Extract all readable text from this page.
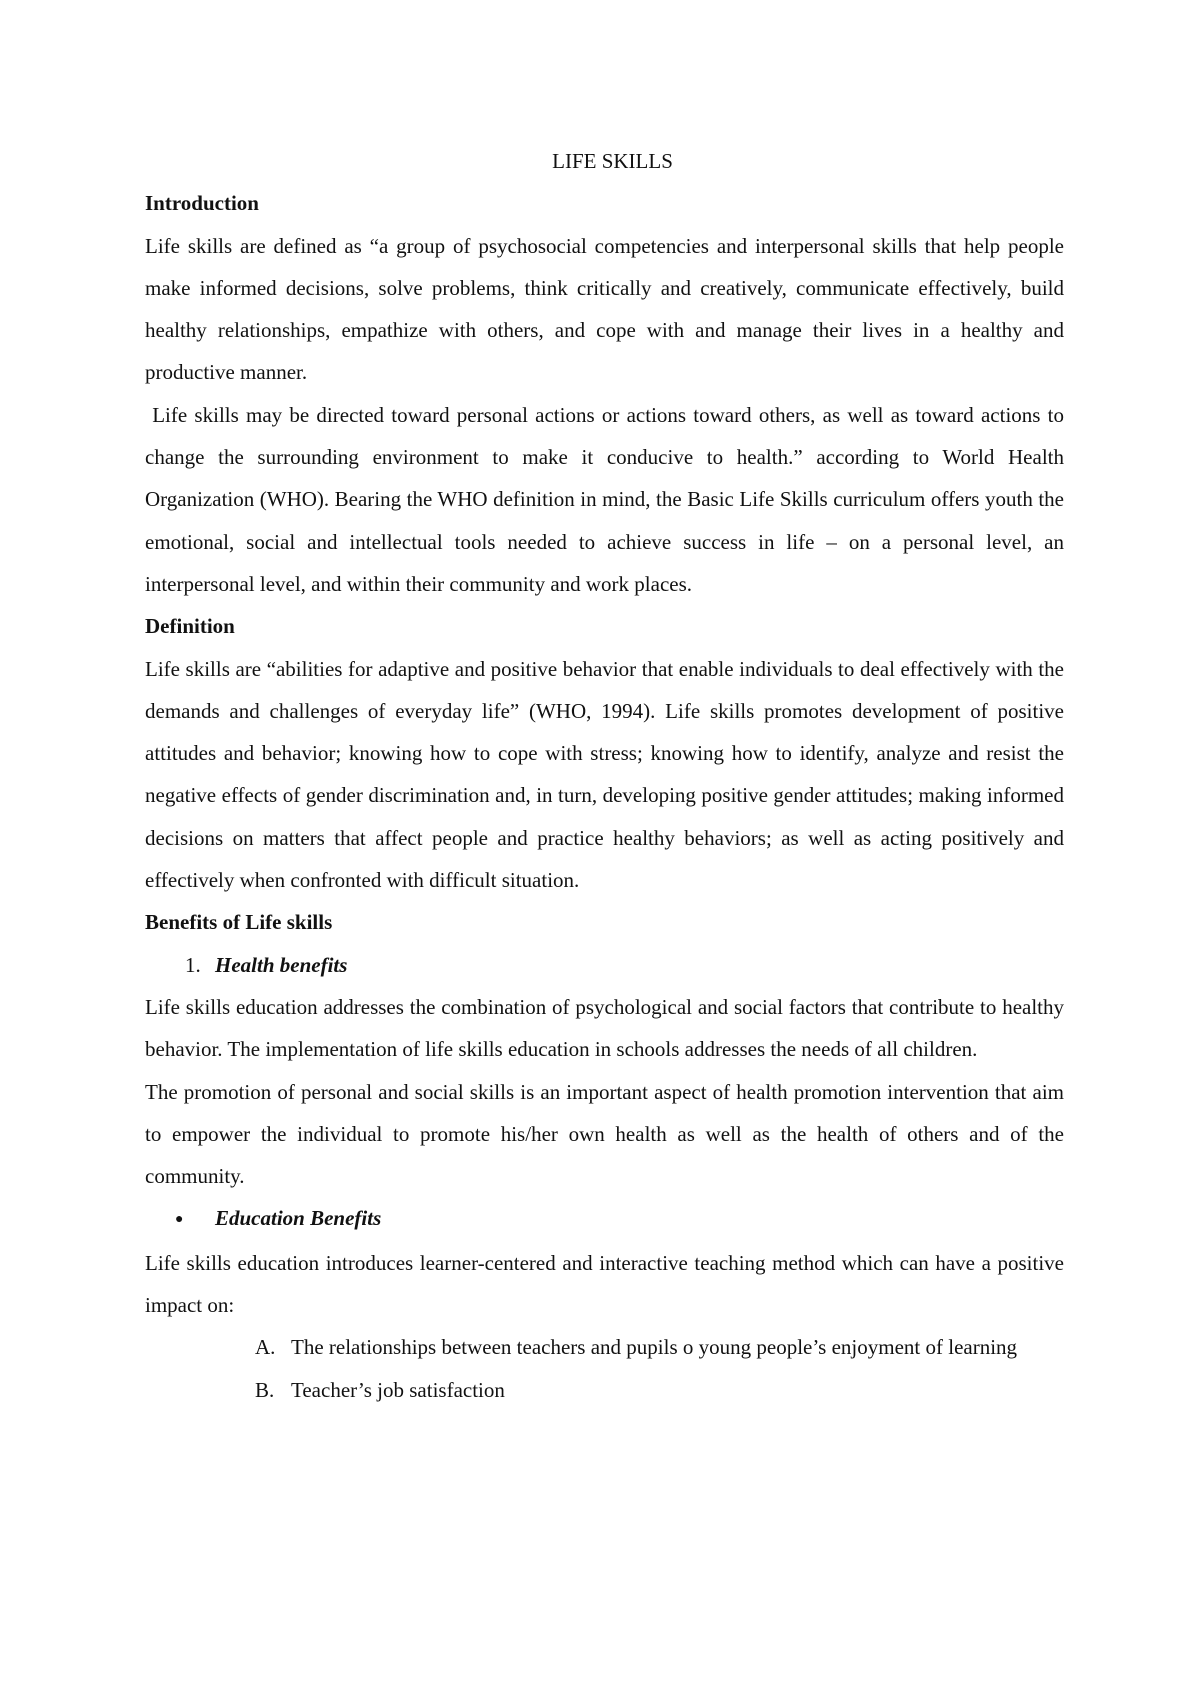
LIFE SKILLS

Introduction

Life skills are defined as “a group of psychosocial competencies and interpersonal skills that help people make informed decisions, solve problems, think critically and creatively, communicate effectively, build healthy relationships, empathize with others, and cope with and manage their lives in a healthy and productive manner.

Life skills may be directed toward personal actions or actions toward others, as well as toward actions to change the surrounding environment to make it conducive to health.” according to World Health Organization (WHO). Bearing the WHO definition in mind, the Basic Life Skills curriculum offers youth the emotional, social and intellectual tools needed to achieve success in life – on a personal level, an interpersonal level, and within their community and work places.

Definition

Life skills are “abilities for adaptive and positive behavior that enable individuals to deal effectively with the demands and challenges of everyday life” (WHO, 1994). Life skills promotes development of positive attitudes and behavior; knowing how to cope with stress; knowing how to identify, analyze and resist the negative effects of gender discrimination and, in turn, developing positive gender attitudes; making informed decisions on matters that affect people and practice healthy behaviors; as well as acting positively and effectively when confronted with difficult situation.

Benefits of Life skills

1. Health benefits

Life skills education addresses the combination of psychological and social factors that contribute to healthy behavior. The implementation of life skills education in schools addresses the needs of all children.

The promotion of personal and social skills is an important aspect of health promotion intervention that aim to empower the individual to promote his/her own health as well as the health of others and of the community.

● Education Benefits

Life skills education introduces learner-centered and interactive teaching method which can have a positive impact on:

A. The relationships between teachers and pupils o young people’s enjoyment of learning
B. Teacher’s job satisfaction
